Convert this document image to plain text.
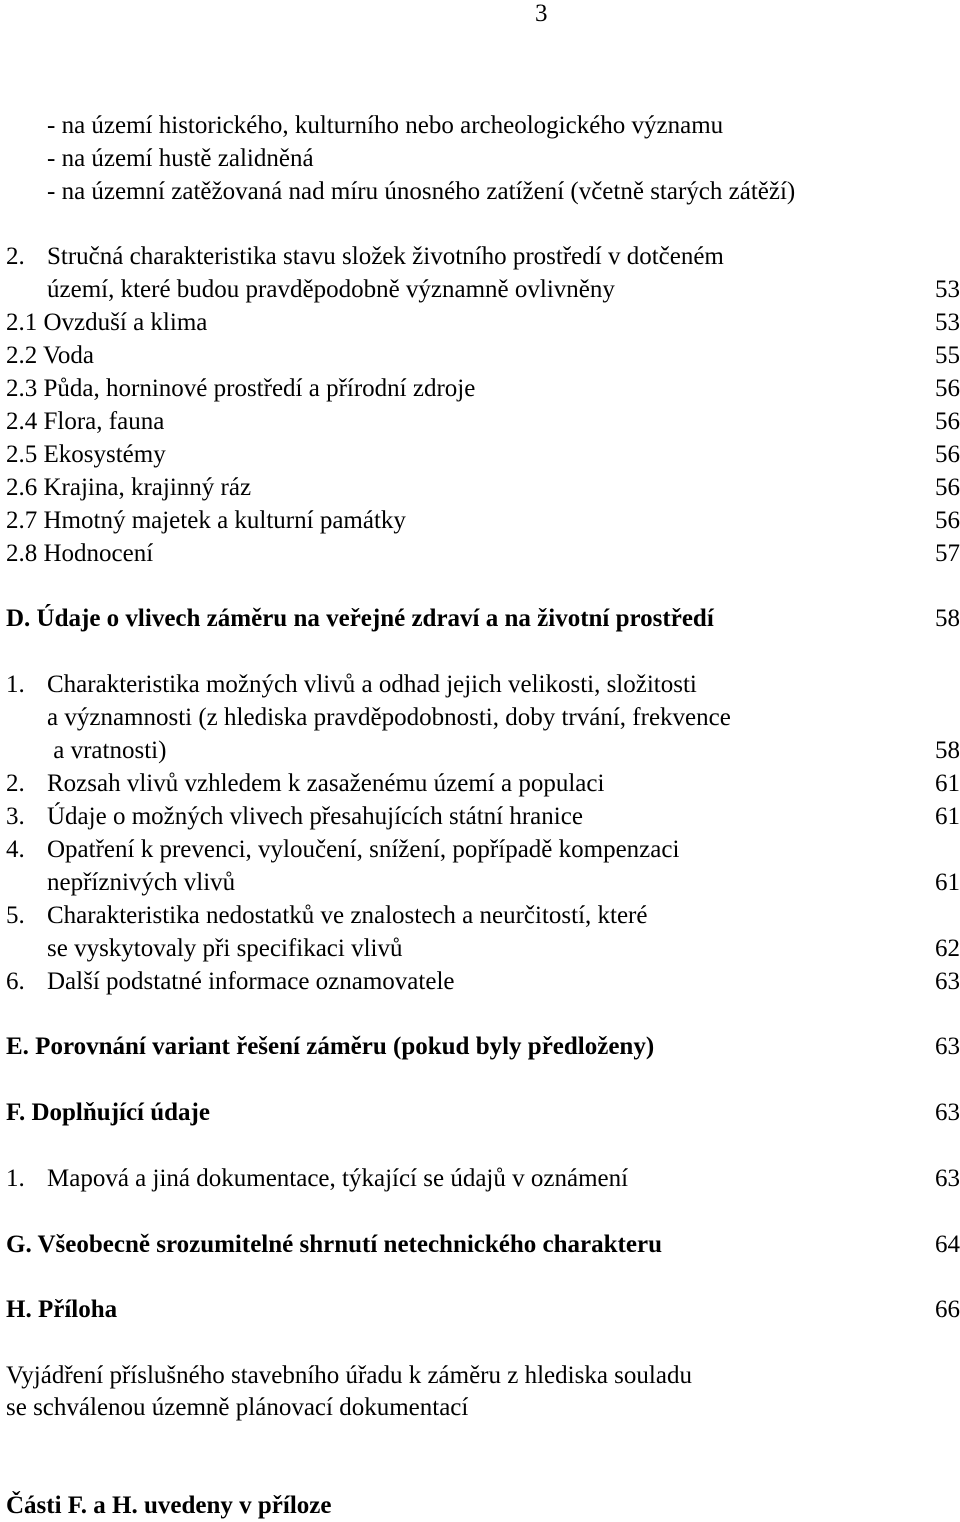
3
- na území historického, kulturního nebo archeologického významu
- na území hustě zalidněná
- na územní zatěžovaná nad míru únosného zatížení (včetně starých zátěží)
2. Stručná charakteristika stavu složek životního prostředí v dotčeném
území, které budou pravděpodobně významně ovlivněny	53
2.1 Ovzduší a klima	53
2.2 Voda	55
2.3 Půda, horninové prostředí a přírodní zdroje	56
2.4 Flora, fauna	56
2.5 Ekosystémy	56
2.6 Krajina, krajinný ráz	56
2.7 Hmotný majetek a kulturní památky	56
2.8 Hodnocení	57
D. Údaje o vlivech záměru na veřejné zdraví a na životní prostředí	58
1. Charakteristika možných vlivů a odhad jejich velikosti, složitosti
a významnosti (z hlediska pravděpodobnosti, doby trvání, frekvence
a vratnosti)	58
2. Rozsah vlivů vzhledem k zasaženému území a populaci	61
3. Údaje o možných vlivech přesahujících státní hranice	61
4. Opatření k prevenci, vyloučení, snížení, popřípadě kompenzaci
nepříznivých vlivů	61
5. Charakteristika nedostatků ve znalostech a neurčitostí, které
se vyskytovaly při specifikaci vlivů	62
6. Další podstatné informace oznamovatele	63
E. Porovnání variant řešení záměru (pokud byly předloženy)	63
F. Doplňující údaje	63
1. Mapová a jiná dokumentace, týkající se údajů v oznámení	63
G. Všeobecně srozumitelné shrnutí netechnického charakteru	64
H. Příloha	66
Vyjádření příslušného stavebního úřadu k záměru z hlediska souladu
se schválenou územně plánovací dokumentací
Části F. a H. uvedeny v příloze
